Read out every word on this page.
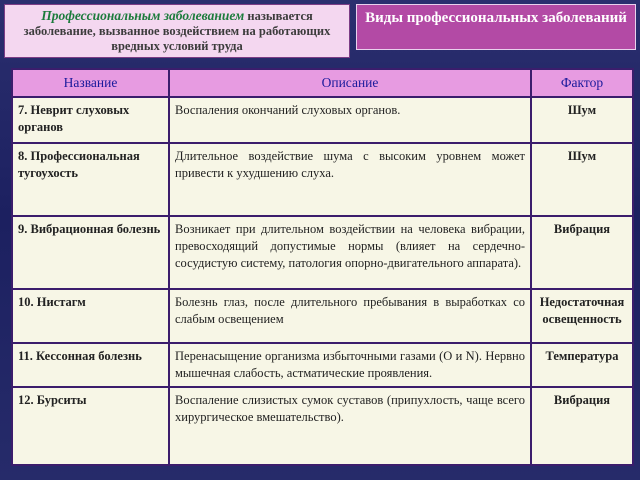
Профессиональным заболеванием называется заболевание, вызванное воздействием на работающих вредных условий труда
Виды профессиональных заболеваний
Название	Описание	Фактор
7. Неврит слуховых органов	Воспаления окончаний слуховых органов.	Шум
8. Профессиональная тугоухость	Длительное воздействие шума с высоким уровнем может привести к ухудшению слуха.	Шум
9. Вибрационная болезнь	Возникает при длительном воздействии на человека вибрации, превосходящий допустимые нормы (влияет на сердечно-сосудистую систему, патология опорно-двигательного аппарата).	Вибрация
10. Нистагм	Болезнь глаз, после длительного пребывания в выработках со слабым освещением	Недостаточная освещенность
11. Кессонная болезнь	Перенасыщение организма избыточными газами (O и N). Нервно мышечная слабость, астматические проявления.	Температура
12. Бурситы	Воспаление слизистых сумок суставов (припухлость, чаще всего хирургическое вмешательство).	Вибрация
